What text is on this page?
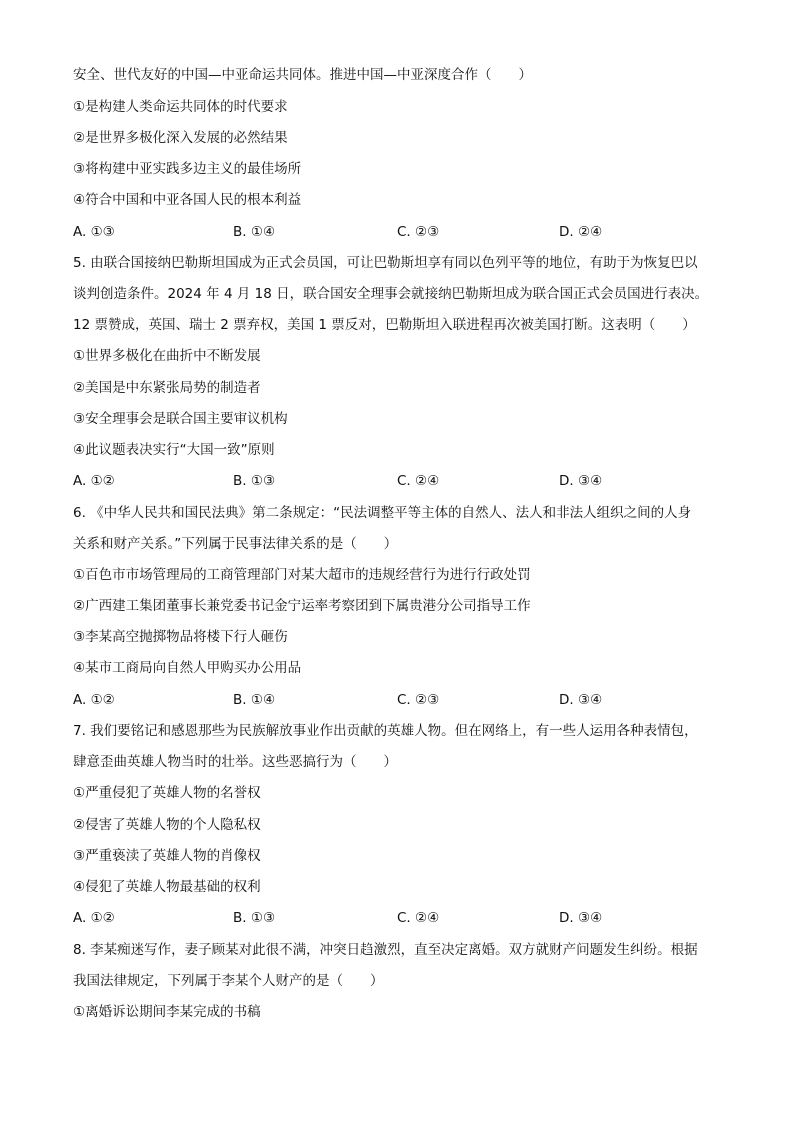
安全、世代友好的中国—中亚命运共同体。推进中国—中亚深度合作（　　）
①是构建人类命运共同体的时代要求
②是世界多极化深入发展的必然结果
③将构建中亚实践多边主义的最佳场所
④符合中国和中亚各国人民的根本利益
A. ①③	B. ①④	C. ②③	D. ②④
5. 由联合国接纳巴勒斯坦国成为正式会员国，可让巴勒斯坦享有同以色列平等的地位，有助于为恢复巴以
谈判创造条件。2024 年 4 月 18 日，联合国安全理事会就接纳巴勒斯坦成为联合国正式会员国进行表决。
12 票赞成，英国、瑞士 2 票弃权，美国 1 票反对，巴勒斯坦入联进程再次被美国打断。这表明（　　）
①世界多极化在曲折中不断发展
②美国是中东紧张局势的制造者
③安全理事会是联合国主要审议机构
④此议题表决实行“大国一致”原则
A. ①②	B. ①③	C. ②④	D. ③④
6. 《中华人民共和国民法典》第二条规定：“民法调整平等主体的自然人、法人和非法人组织之间的人身
关系和财产关系。”下列属于民事法律关系的是（　　）
①百色市市场管理局的工商管理部门对某大超市的违规经营行为进行行政处罚
②广西建工集团董事长兼党委书记金宁运率考察团到下属贵港分公司指导工作
③李某高空抛掷物品将楼下行人砸伤
④某市工商局向自然人甲购买办公用品
A. ①②	B. ①④	C. ②③	D. ③④
7. 我们要铭记和感恩那些为民族解放事业作出贡献的英雄人物。但在网络上，有一些人运用各种表情包，
肆意歪曲英雄人物当时的壮举。这些恶搞行为（　　）
①严重侵犯了英雄人物的名誉权
②侵害了英雄人物的个人隐私权
③严重亵渎了英雄人物的肖像权
④侵犯了英雄人物最基础的权利
A. ①②	B. ①③	C. ②④	D. ③④
8. 李某痴迷写作，妻子顾某对此很不满，冲突日趋激烈，直至决定离婚。双方就财产问题发生纠纷。根据
我国法律规定，下列属于李某个人财产的是（　　）
①离婚诉讼期间李某完成的书稿
